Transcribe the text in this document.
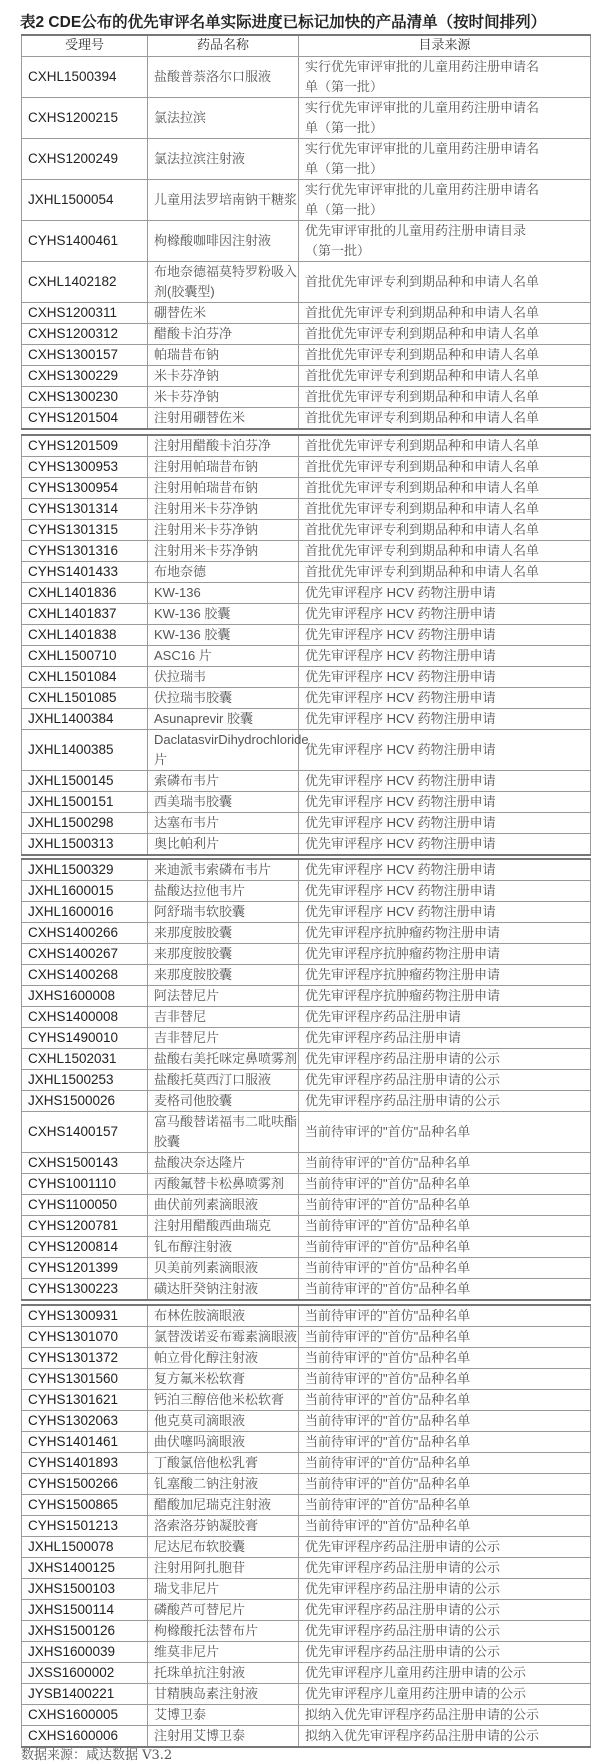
表2 CDE公布的优先审评名单实际进度已标记加快的产品清单（按时间排列）
受理号	药品名称	目录来源
CXHL1500394	盐酸普萘洛尔口服液	实行优先审评审批的儿童用药注册申请名单（第一批）
CXHS1200215	氯法拉滨	实行优先审评审批的儿童用药注册申请名单（第一批）
CXHS1200249	氯法拉滨注射液	实行优先审评审批的儿童用药注册申请名单（第一批）
JXHL1500054	儿童用法罗培南钠干糖浆	实行优先审评审批的儿童用药注册申请名单（第一批）
CYHS1400461	枸橼酸咖啡因注射液	优先审评审批的儿童用药注册申请目录（第一批）
CXHL1402182	布地奈德福莫特罗粉吸入剂(胶囊型)	首批优先审评专利到期品种和申请人名单
CXHS1200311	硼替佐米	首批优先审评专利到期品种和申请人名单
CXHS1200312	醋酸卡泊芬净	首批优先审评专利到期品种和申请人名单
CXHS1300157	帕瑞昔布钠	首批优先审评专利到期品种和申请人名单
CXHS1300229	米卡芬净钠	首批优先审评专利到期品种和申请人名单
CXHS1300230	米卡芬净钠	首批优先审评专利到期品种和申请人名单
CYHS1201504	注射用硼替佐米	首批优先审评专利到期品种和申请人名单
CYHS1201509	注射用醋酸卡泊芬净	首批优先审评专利到期品种和申请人名单
CYHS1300953	注射用帕瑞昔布钠	首批优先审评专利到期品种和申请人名单
CYHS1300954	注射用帕瑞昔布钠	首批优先审评专利到期品种和申请人名单
CYHS1301314	注射用米卡芬净钠	首批优先审评专利到期品种和申请人名单
CYHS1301315	注射用米卡芬净钠	首批优先审评专利到期品种和申请人名单
CYHS1301316	注射用米卡芬净钠	首批优先审评专利到期品种和申请人名单
CYHS1401433	布地奈德	首批优先审评专利到期品种和申请人名单
CXHL1401836	KW-136	优先审评程序 HCV 药物注册申请
CXHL1401837	KW-136 胶囊	优先审评程序 HCV 药物注册申请
CXHL1401838	KW-136 胶囊	优先审评程序 HCV 药物注册申请
CXHL1500710	ASC16 片	优先审评程序 HCV 药物注册申请
CXHL1501084	伏拉瑞韦	优先审评程序 HCV 药物注册申请
CXHL1501085	伏拉瑞韦胶囊	优先审评程序 HCV 药物注册申请
JXHL1400384	Asunaprevir 胶囊	优先审评程序 HCV 药物注册申请
JXHL1400385	DaclatasvirDihydrochloride 片	优先审评程序 HCV 药物注册申请
JXHL1500145	索磷布韦片	优先审评程序 HCV 药物注册申请
JXHL1500151	西美瑞韦胶囊	优先审评程序 HCV 药物注册申请
JXHL1500298	达塞布韦片	优先审评程序 HCV 药物注册申请
JXHL1500313	奥比帕利片	优先审评程序 HCV 药物注册申请
JXHL1500329	来迪派韦索磷布韦片	优先审评程序 HCV 药物注册申请
JXHL1600015	盐酸达拉他韦片	优先审评程序 HCV 药物注册申请
JXHL1600016	阿舒瑞韦软胶囊	优先审评程序 HCV 药物注册申请
CXHS1400266	来那度胺胶囊	优先审评程序抗肿瘤药物注册申请
CXHS1400267	来那度胺胶囊	优先审评程序抗肿瘤药物注册申请
CXHS1400268	来那度胺胶囊	优先审评程序抗肿瘤药物注册申请
JXHS1600008	阿法替尼片	优先审评程序抗肿瘤药物注册申请
CXHS1400008	吉非替尼	优先审评程序药品注册申请
CYHS1490010	吉非替尼片	优先审评程序药品注册申请
CXHL1502031	盐酸右美托咪定鼻喷雾剂	优先审评程序药品注册申请的公示
JXHL1500253	盐酸托莫西汀口服液	优先审评程序药品注册申请的公示
JXHS1500026	麦格司他胶囊	优先审评程序药品注册申请的公示
CXHS1400157	富马酸替诺福韦二吡呋酯胶囊	当前待审评的"首仿"品种名单
CXHS1500143	盐酸决奈达隆片	当前待审评的"首仿"品种名单
CYHS1001110	丙酸氟替卡松鼻喷雾剂	当前待审评的"首仿"品种名单
CYHS1100050	曲伏前列素滴眼液	当前待审评的"首仿"品种名单
CYHS1200781	注射用醋酸西曲瑞克	当前待审评的"首仿"品种名单
CYHS1200814	钆布醇注射液	当前待审评的"首仿"品种名单
CYHS1201399	贝美前列素滴眼液	当前待审评的"首仿"品种名单
CYHS1300223	磺达肝癸钠注射液	当前待审评的"首仿"品种名单
CYHS1300931	布林佐胺滴眼液	当前待审评的"首仿"品种名单
CYHS1301070	氯替泼诺妥布霉素滴眼液	当前待审评的"首仿"品种名单
CYHS1301372	帕立骨化醇注射液	当前待审评的"首仿"品种名单
CYHS1301560	复方氟米松软膏	当前待审评的"首仿"品种名单
CYHS1301621	钙泊三醇倍他米松软膏	当前待审评的"首仿"品种名单
CYHS1302063	他克莫司滴眼液	当前待审评的"首仿"品种名单
CYHS1401461	曲伏噻吗滴眼液	当前待审评的"首仿"品种名单
CYHS1401893	丁酸氯倍他松乳膏	当前待审评的"首仿"品种名单
CYHS1500266	钆塞酸二钠注射液	当前待审评的"首仿"品种名单
CYHS1500865	醋酸加尼瑞克注射液	当前待审评的"首仿"品种名单
CYHS1501213	洛索洛芬钠凝胶膏	当前待审评的"首仿"品种名单
JXHL1500078	尼达尼布软胶囊	优先审评程序药品注册申请的公示
JXHS1400125	注射用阿扎胞苷	优先审评程序药品注册申请的公示
JXHS1500103	瑞戈非尼片	优先审评程序药品注册申请的公示
JXHS1500114	磷酸芦可替尼片	优先审评程序药品注册申请的公示
JXHS1500126	枸橼酸托法替布片	优先审评程序药品注册申请的公示
JXHS1600039	维莫非尼片	优先审评程序药品注册申请的公示
JXSS1600002	托珠单抗注射液	优先审评程序儿童用药注册申请的公示
JYSB1400221	甘精胰岛素注射液	优先审评程序儿童用药注册申请的公示
CXHS1600005	艾博卫泰	拟纳入优先审评程序药品注册申请的公示
CXHS1600006	注射用艾博卫泰	拟纳入优先审评程序药品注册申请的公示
数据来源：咸达数据 V3.2
